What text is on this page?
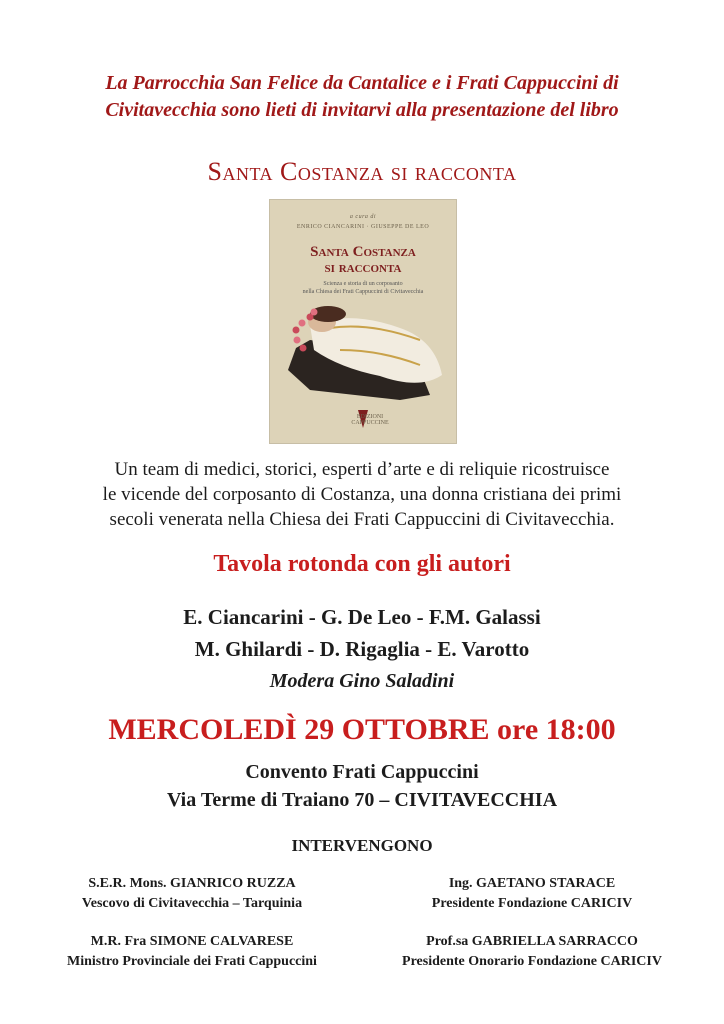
La Parrocchia San Felice da Cantalice e i Frati Cappuccini di
Civitavecchia sono lieti di invitarvi alla presentazione del libro
Santa Costanza si racconta
a cura di
ENRICO CIANCARINI · GIUSEPPE DE LEO
Santa Costanza
si racconta
Scienza e storia di un corposanto
nella Chiesa dei Frati Cappuccini di Civitavecchia
EDIZIONI CAPPUCCINE
Un team di medici, storici, esperti d’arte e di reliquie ricostruisce
le vicende del corposanto di Costanza, una donna cristiana dei primi
secoli venerata nella Chiesa dei Frati Cappuccini di Civitavecchia.
Tavola rotonda con gli autori
E. Ciancarini - G. De Leo - F.M. Galassi
M. Ghilardi - D. Rigaglia - E. Varotto
Modera Gino Saladini
MERCOLEDÌ 29 OTTOBRE ore 18:00
Convento Frati Cappuccini
Via Terme di Traiano 70 – CIVITAVECCHIA
INTERVENGONO
S.E.R. Mons. GIANRICO RUZZA
Vescovo di Civitavecchia – Tarquinia
Ing. GAETANO STARACE
Presidente Fondazione CARICIV
M.R. Fra SIMONE CALVARESE
Ministro Provinciale dei Frati Cappuccini
Prof.sa GABRIELLA SARRACCO
Presidente Onorario Fondazione CARICIV
